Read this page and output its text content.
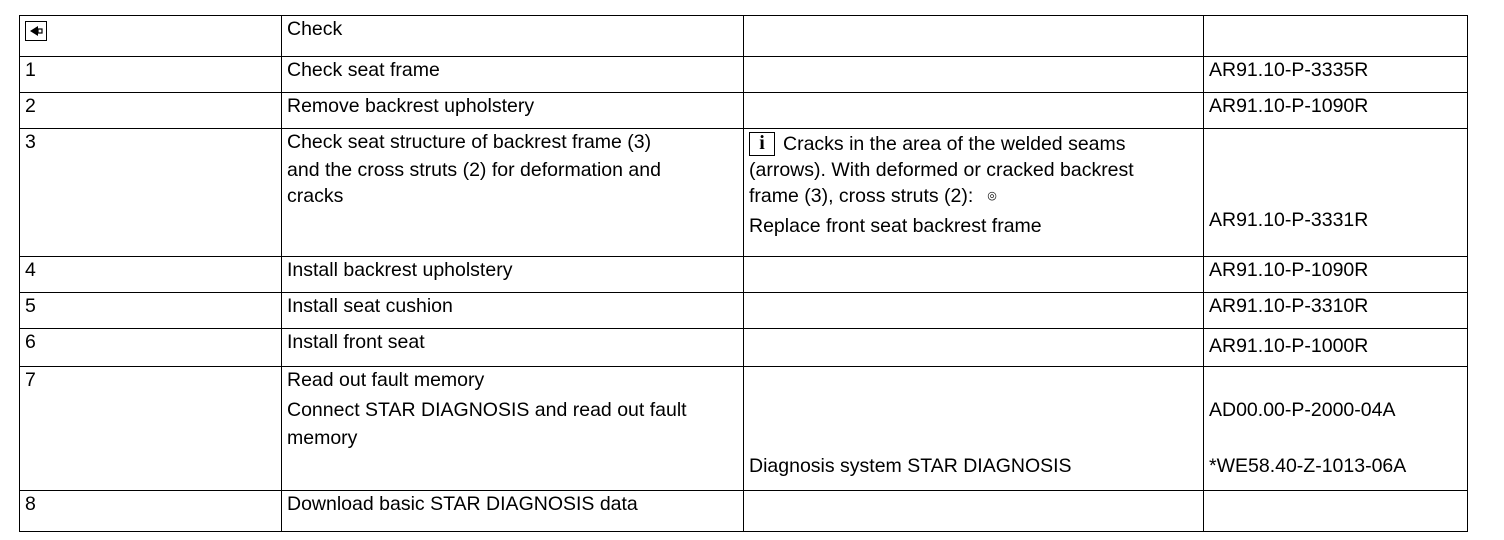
	Check		
1	Check seat frame		AR91.10-P-3335R
2	Remove backrest upholstery		AR91.10-P-1090R
3	Check seat structure of backrest frame (3)
and the cross struts (2) for deformation and
cracks	i Cracks in the area of the welded seams
(arrows). With deformed or cracked backrest
frame (3), cross struts (2): ◎
Replace front seat backrest frame	AR91.10-P-3331R

4	Install backrest upholstery		AR91.10-P-1090R
5	Install seat cushion		AR91.10-P-3310R
6	Install front seat		AR91.10-P-1000R
7	Read out fault memory
Connect STAR DIAGNOSIS and read out fault
memory	Diagnosis system STAR DIAGNOSIS	AD00.00-P-2000-04A
*WE58.40-Z-1013-06A

8	Download basic STAR DIAGNOSIS data		
